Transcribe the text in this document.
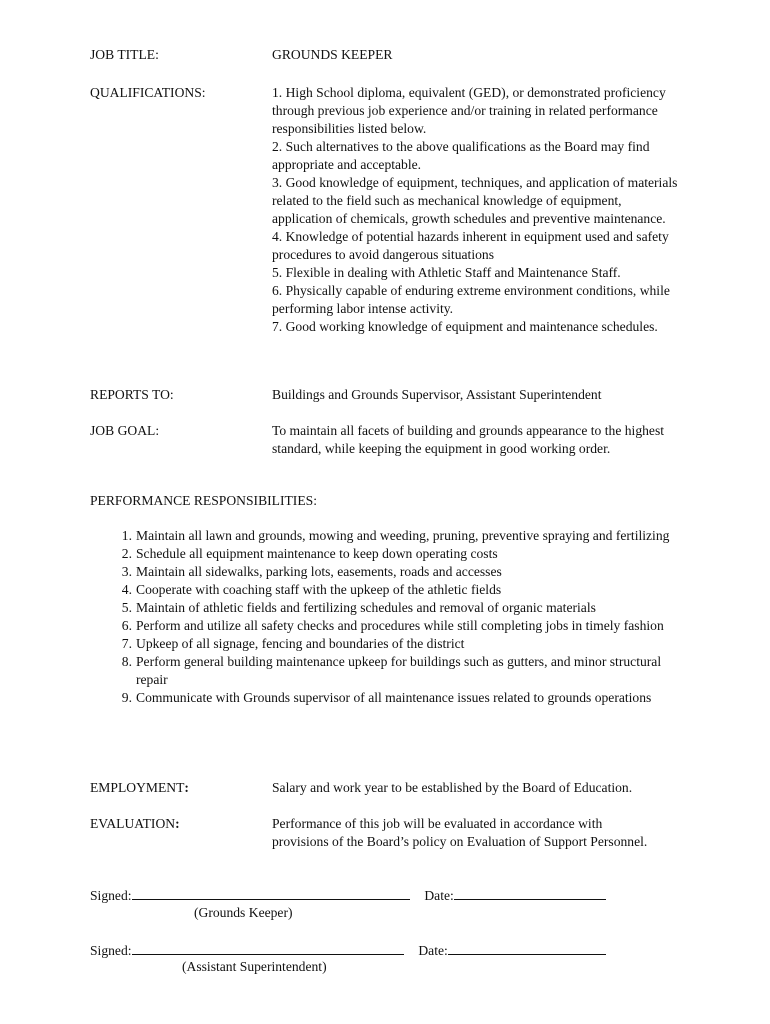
JOB TITLE:	GROUNDS KEEPER
QUALIFICATIONS:	1. High School diploma, equivalent (GED), or demonstrated proficiency through previous job experience and/or training in related performance responsibilities listed below.
2. Such alternatives to the above qualifications as the Board may find appropriate and acceptable.
3. Good knowledge of equipment, techniques, and application of materials related to the field such as mechanical knowledge of equipment, application of chemicals, growth schedules and preventive maintenance.
4. Knowledge of potential hazards inherent in equipment used and safety procedures to avoid dangerous situations
5. Flexible in dealing with Athletic Staff and Maintenance Staff.
6. Physically capable of enduring extreme environment conditions, while performing labor intense activity.
7. Good working knowledge of equipment and maintenance schedules.
REPORTS TO:	Buildings and Grounds Supervisor, Assistant Superintendent
JOB GOAL:	To maintain all facets of building and grounds appearance to the highest standard, while keeping the equipment in good working order.
PERFORMANCE RESPONSIBILITIES:
1. Maintain all lawn and grounds, mowing and weeding, pruning, preventive spraying and fertilizing
2. Schedule all equipment maintenance to keep down operating costs
3. Maintain all sidewalks, parking lots, easements, roads and accesses
4. Cooperate with coaching staff with the upkeep of the athletic fields
5. Maintain of athletic fields and fertilizing schedules and removal of organic materials
6. Perform and utilize all safety checks and procedures while still completing jobs in timely fashion
7. Upkeep of all signage, fencing and boundaries of the district
8. Perform general building maintenance upkeep for buildings such as gutters, and minor structural repair
9. Communicate with Grounds supervisor of all maintenance issues related to grounds operations
EMPLOYMENT:	Salary and work year to be established by the Board of Education.
EVALUATION:	Performance of this job will be evaluated in accordance with provisions of the Board’s policy on Evaluation of Support Personnel.
Signed:	Date:
(Grounds Keeper)
Signed:	Date:
(Assistant Superintendent)
